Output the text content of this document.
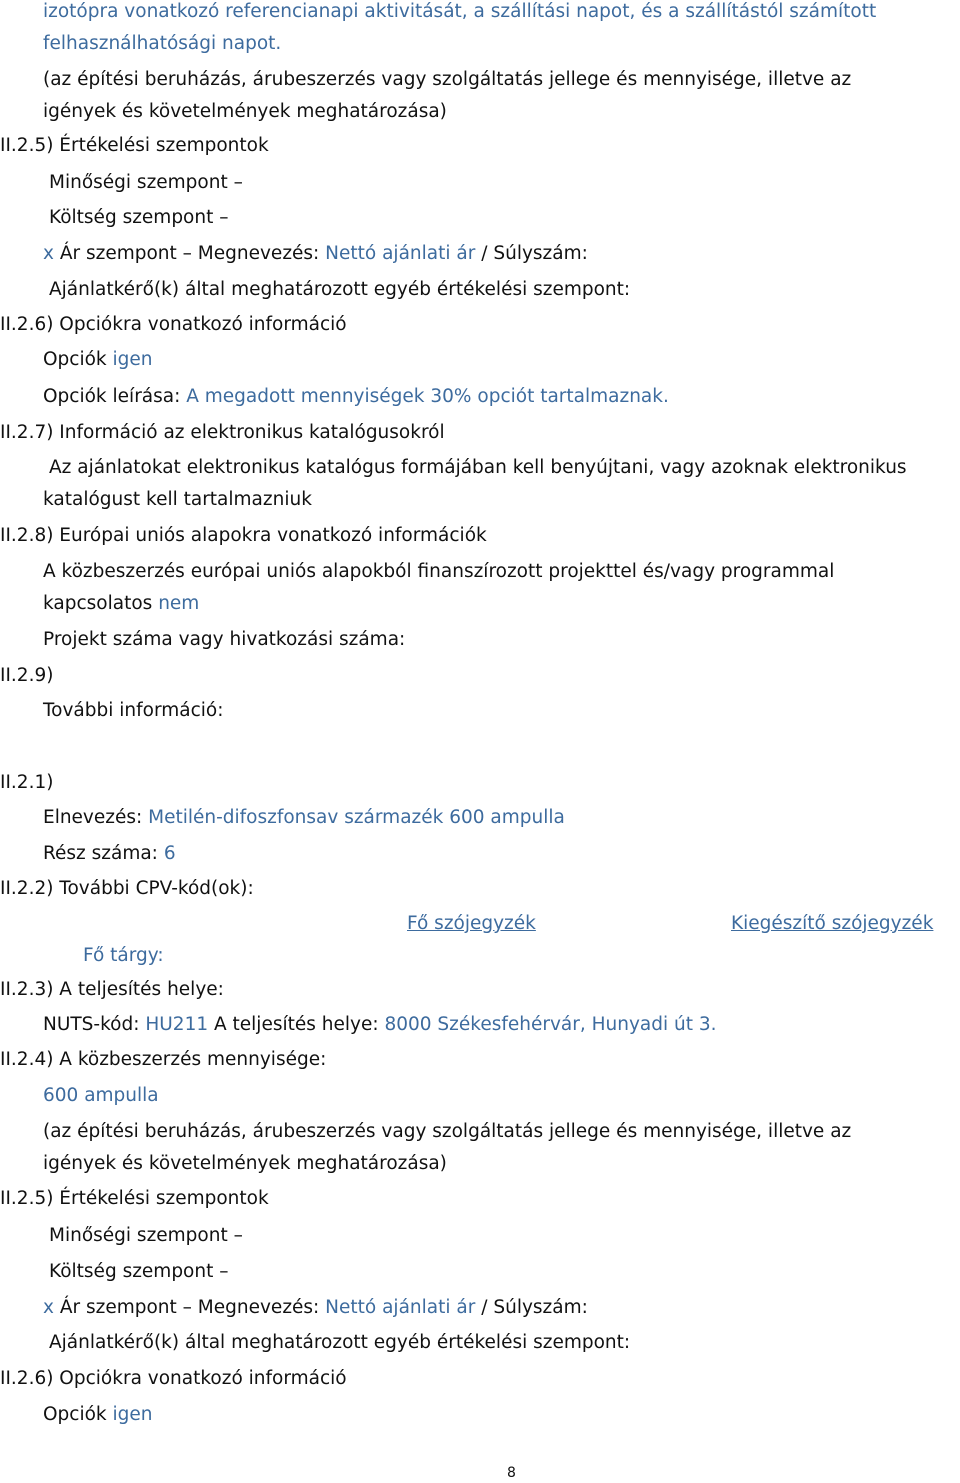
izotópra vonatkozó referencianapi aktivitását, a szállítási napot, és a szállítástól számított
felhasználhatósági napot.
(az építési beruházás, árubeszerzés vagy szolgáltatás jellege és mennyisége, illetve az
igények és követelmények meghatározása)
II.2.5) Értékelési szempontok
Minőségi szempont –
Költség szempont –
x Ár szempont – Megnevezés: Nettó ajánlati ár / Súlyszám:
Ajánlatkérő(k) által meghatározott egyéb értékelési szempont:
II.2.6) Opciókra vonatkozó információ
Opciók igen
Opciók leírása: A megadott mennyiségek 30% opciót tartalmaznak.
II.2.7) Információ az elektronikus katalógusokról
Az ajánlatokat elektronikus katalógus formájában kell benyújtani, vagy azoknak elektronikus
katalógust kell tartalmazniuk
II.2.8) Európai uniós alapokra vonatkozó információk
A közbeszerzés európai uniós alapokból finanszírozott projekttel és/vagy programmal
kapcsolatos nem
Projekt száma vagy hivatkozási száma:
II.2.9)
További információ:
II.2.1)
Elnevezés: Metilén-difoszfonsav származék 600 ampulla
Rész száma: 6
II.2.2) További CPV-kód(ok):
Fő szójegyzék	Kiegészítő szójegyzék
Fő tárgy:
II.2.3) A teljesítés helye:
NUTS-kód: HU211 A teljesítés helye: 8000 Székesfehérvár, Hunyadi út 3.
II.2.4) A közbeszerzés mennyisége:
600 ampulla
(az építési beruházás, árubeszerzés vagy szolgáltatás jellege és mennyisége, illetve az
igények és követelmények meghatározása)
II.2.5) Értékelési szempontok
Minőségi szempont –
Költség szempont –
x Ár szempont – Megnevezés: Nettó ajánlati ár / Súlyszám:
Ajánlatkérő(k) által meghatározott egyéb értékelési szempont:
II.2.6) Opciókra vonatkozó információ
Opciók igen
8
